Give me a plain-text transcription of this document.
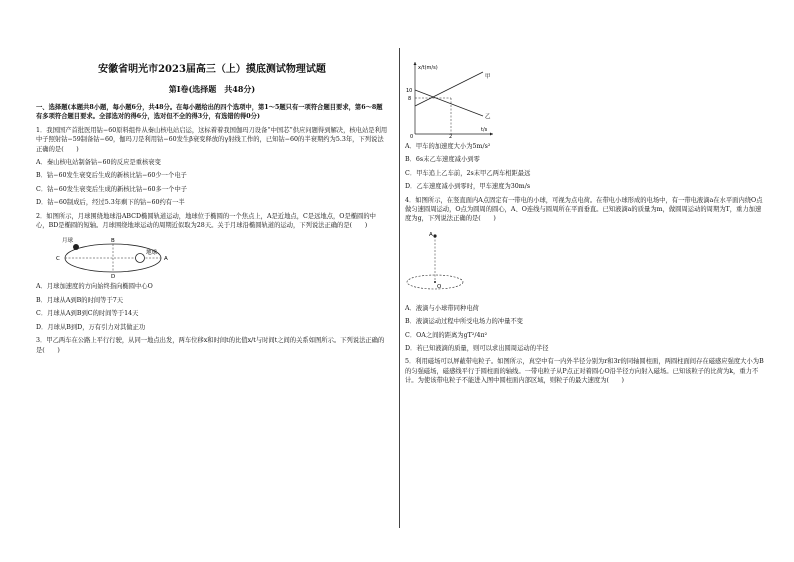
安徽省明光市2023届高三（上）摸底测试物理试题
第Ⅰ卷(选择题　共48分)
一、选择题(本题共8小题，每小题6分，共48分。在每小题给出的四个选项中，第1～5题只有一项符合题目要求，第6～8题有多项符合题目要求。全部选对的得6分，选对但不全的得3分，有选错的得0分)
1．我国国产首批医用钴−60原料组件从秦山核电站启运，这标着着我国伽玛刀设备“中国芯”供应问题得到解决，核电站是利用中子照射钴−59制备钴−60，伽玛刀是利用钴−60发生β衰变释放的γ射线工作的，已知钴−60的半衰期约为5.3年，下列说法正确的是(　　)
A．秦山核电站制备钴−60的反应是重核衰变
B．钴−60发生衰变后生成的新核比钴−60少一个电子
C．钴−60发生衰变后生成的新核比钴−60多一个中子
D．钴−60制成后，经过5.3年剩下的钴−60约有一半
2．如图所示，月球围绕地球沿ABCD椭圆轨道运动，地球位于椭圆的一个焦点上，A是近地点，C是远地点，O是椭圆的中心，BD是椭圆的短轴。月球围绕地球运动的周期近似取为28天。关于月球沿椭圆轨道的运动，下列说法正确的是(　　)
月球
地球
A
B
C
D
A．月球加速度的方向始终指向椭圆中心O
B．月球从A到B的时间等于7天
C．月球从A到B到C的时间等于14天
D．月球从B到D，万有引力对其做正功
3．甲乙两车在公路上平行行驶，从同一地点出发，两车位移x和时间t的比值x/t与时间t之间的关系如图所示。下列说法正确的是(　　)
x/t(m/s)
t/s
0
10
8
2
甲
乙
A．甲车的加速度大小为5m/s²
B．6s末乙车速度减小到零
C．甲车追上乙车前，2s末甲乙两车相距最远
D．乙车速度减小到零时，甲车速度为30m/s
4．如图所示，在竖直面内A点固定有一带电的小球，可视为点电荷。在带电小球形成的电场中，有一带电液滴a在水平面内绕O点做匀速圆周运动，O点为圆周的圆心，A、O连线与圆周所在平面垂直。已知液滴a的质量为m，做圆周运动的周期为T，重力加速度为g，下列说法正确的是(　　)
A
O
A．液滴与小球带同种电荷
B．液滴运动过程中所受电场力的冲量不变
C．OA之间的距离为gT²/4π²
D．若已知液滴的质量，则可以求出圆周运动的半径
5．利用磁场可以屏蔽带电粒子。如图所示，真空中有一内外半径分别为r和3r的同轴圆柱面，两圆柱面间存在磁感应强度大小为B的匀强磁场，磁感线平行于圆柱面的轴线。一带电粒子从P点正对着圆心O沿半径方向射入磁场。已知该粒子的比荷为k，重力不计。为使该带电粒子不能进入图中圆柱面内部区域，则粒子的最大速度为(　　)
